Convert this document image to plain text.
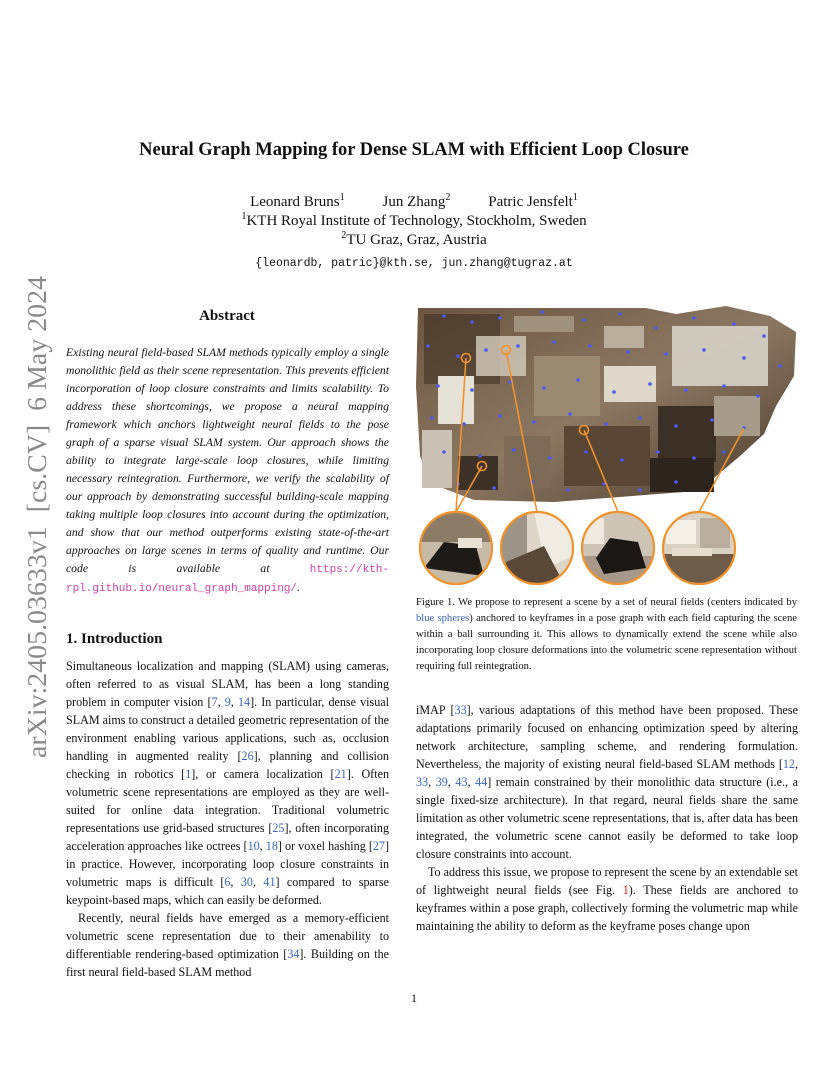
arXiv:2405.03633v1  [cs.CV]  6 May 2024
Neural Graph Mapping for Dense SLAM with Efficient Loop Closure
Leonard Bruns$^1$	Jun Zhang$^2$	Patric Jensfelt$^1$
$^1$KTH Royal Institute of Technology, Stockholm, Sweden
$^2$TU Graz, Graz, Austria
{leonardb, patric}@kth.se, jun.zhang@tugraz.at
Abstract
Existing neural field-based SLAM methods typically employ a single monolithic field as their scene representation. This prevents efficient incorporation of loop closure constraints and limits scalability. To address these shortcomings, we propose a neural mapping framework which anchors lightweight neural fields to the pose graph of a sparse visual SLAM system. Our approach shows the ability to integrate large-scale loop closures, while limiting necessary reintegration. Furthermore, we verify the scalability of our approach by demonstrating successful building-scale mapping taking multiple loop closures into account during the optimization, and show that our method outperforms existing state-of-the-art approaches on large scenes in terms of quality and runtime. Our code is available at	https://kth-rpl.github.io/neural_graph_mapping/.
1. Introduction

Simultaneous localization and mapping (SLAM) using cameras, often referred to as visual SLAM, has been a long standing problem in computer vision [7, 9, 14]. In particular, dense visual SLAM aims to construct a detailed geometric representation of the environment enabling various applications, such as, occlusion handling in augmented reality [26], planning and collision checking in robotics [1], or camera localization [21]. Often volumetric scene representations are employed as they are well-suited for online data integration. Traditional volumetric representations use grid-based structures [25], often incorporating acceleration approaches like octrees [10, 18] or voxel hashing [27] in practice. However, incorporating loop closure constraints in volumetric maps is difficult [6, 30, 41] compared to sparse keypoint-based maps, which can easily be deformed.

Recently, neural fields have emerged as a memory-efficient volumetric scene representation due to their amenability to differentiable rendering-based optimization [34]. Building on the first neural field-based SLAM method

Figure 1. We propose to represent a scene by a set of neural fields (centers indicated by blue spheres) anchored to keyframes in a pose graph with each field capturing the scene within a ball surrounding it. This allows to dynamically extend the scene while also incorporating loop closure deformations into the volumetric scene representation without requiring full reintegration.

iMAP [33], various adaptations of this method have been proposed. These adaptations primarily focused on enhancing optimization speed by altering network architecture, sampling scheme, and rendering formulation. Nevertheless, the majority of existing neural field-based SLAM methods [12, 33, 39, 43, 44] remain constrained by their monolithic data structure (i.e., a single fixed-size architecture). In that regard, neural fields share the same limitation as other volumetric scene representations, that is, after data has been integrated, the volumetric scene cannot easily be deformed to take loop closure constraints into account.

To address this issue, we propose to represent the scene by an extendable set of lightweight neural fields (see Fig. 1). These fields are anchored to keyframes within a pose graph, collectively forming the volumetric map while maintaining the ability to deform as the keyframe poses change upon

1
